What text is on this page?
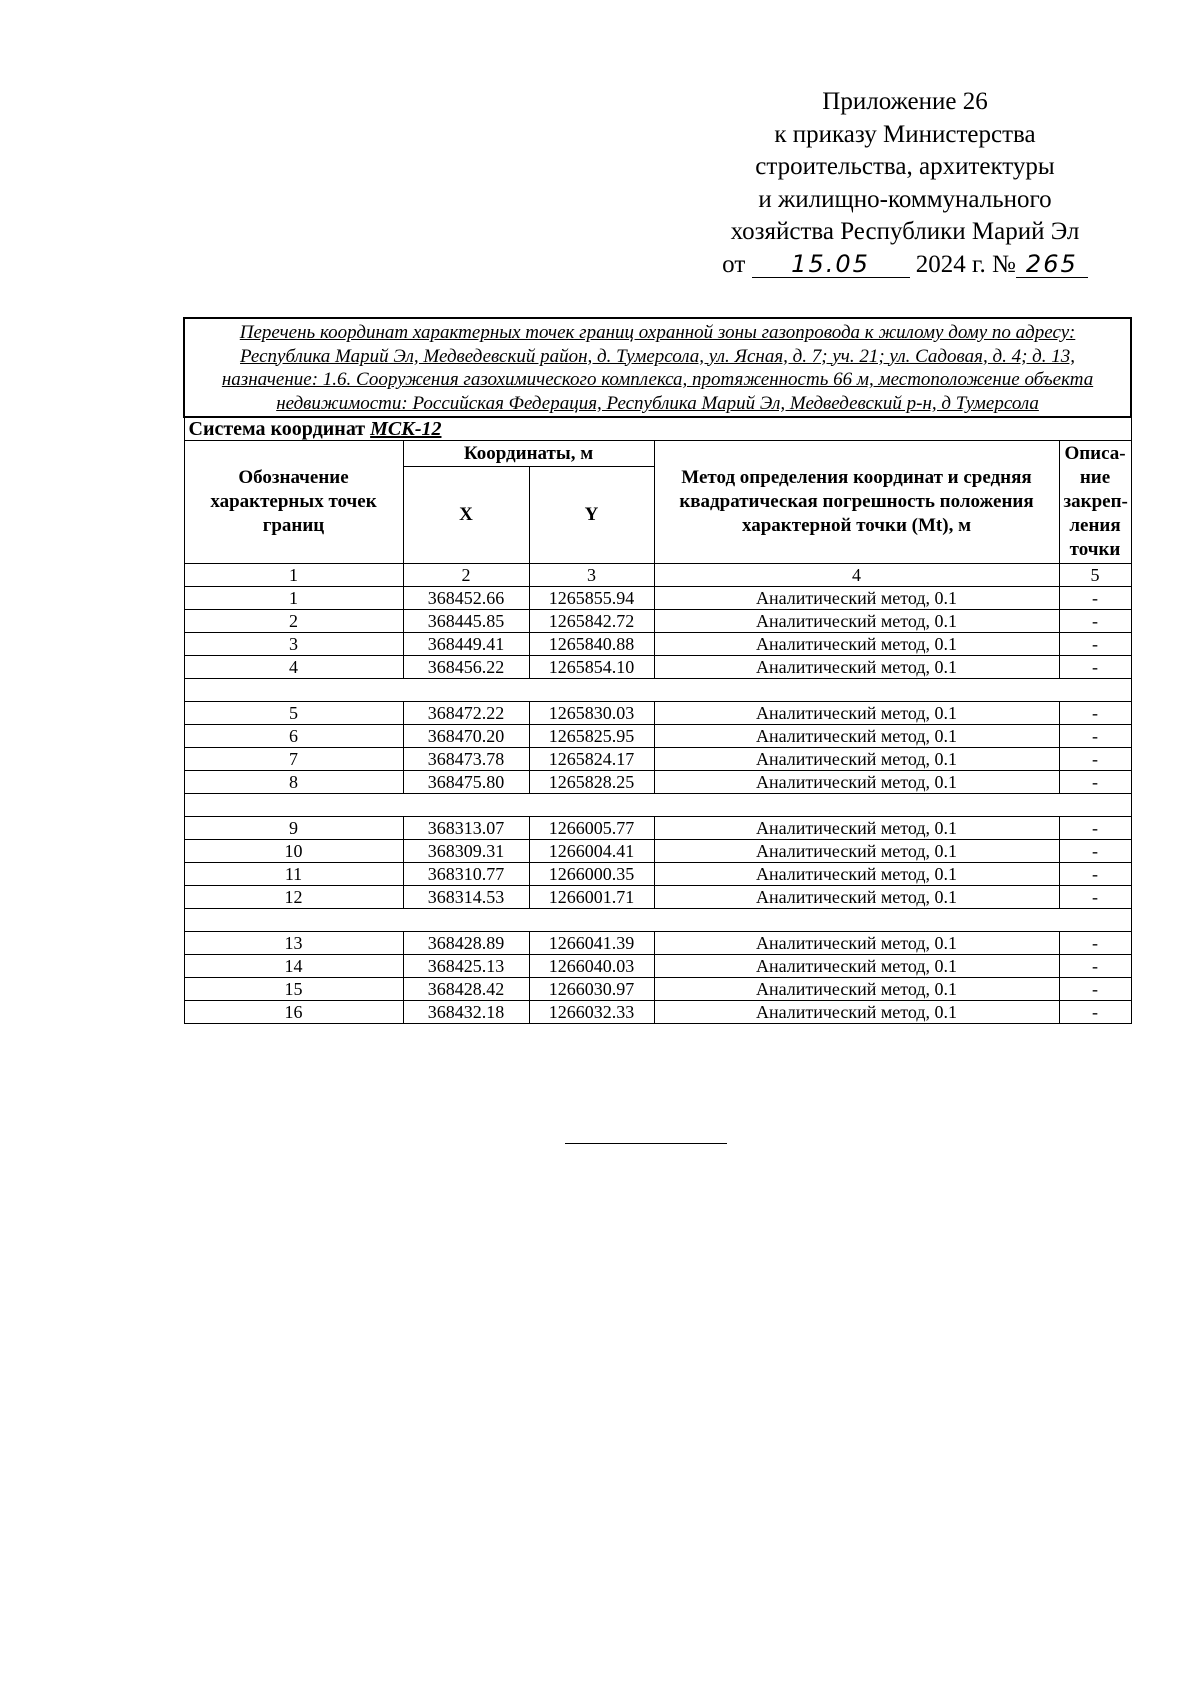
Приложение 26
к приказу Министерства
строительства, архитектуры
и жилищно-коммунального
хозяйства Республики Марий Эл
от 15.05 2024 г. № 265
Перечень координат характерных точек границ охранной зоны газопровода к жилому дому по адресу: Республика Марий Эл, Медведевский район, д. Тумерсола, ул. Ясная, д. 7; уч. 21; ул. Садовая, д. 4; д. 13, назначение: 1.6. Сооружения газохимического комплекса, протяженность 66 м, местоположение объекта недвижимости: Российская Федерация, Республика Марий Эл, Медведевский р-н, д Тумерсола				
Система координат МСК-12				
Обозначение характерных точек границ	Координаты, м		Метод определения координат и средняя квадратическая погрешность положения характерной точки (Mt), м	Описа-ние закреп-ления точки
	X	Y		
1	2	3	4	5
1	368452.66	1265855.94	Аналитический метод, 0.1	-
2	368445.85	1265842.72	Аналитический метод, 0.1	-
3	368449.41	1265840.88	Аналитический метод, 0.1	-
4	368456.22	1265854.10	Аналитический метод, 0.1	-

5	368472.22	1265830.03	Аналитический метод, 0.1	-
6	368470.20	1265825.95	Аналитический метод, 0.1	-
7	368473.78	1265824.17	Аналитический метод, 0.1	-
8	368475.80	1265828.25	Аналитический метод, 0.1	-

9	368313.07	1266005.77	Аналитический метод, 0.1	-
10	368309.31	1266004.41	Аналитический метод, 0.1	-
11	368310.77	1266000.35	Аналитический метод, 0.1	-
12	368314.53	1266001.71	Аналитический метод, 0.1	-

13	368428.89	1266041.39	Аналитический метод, 0.1	-
14	368425.13	1266040.03	Аналитический метод, 0.1	-
15	368428.42	1266030.97	Аналитический метод, 0.1	-
16	368432.18	1266032.33	Аналитический метод, 0.1	-
